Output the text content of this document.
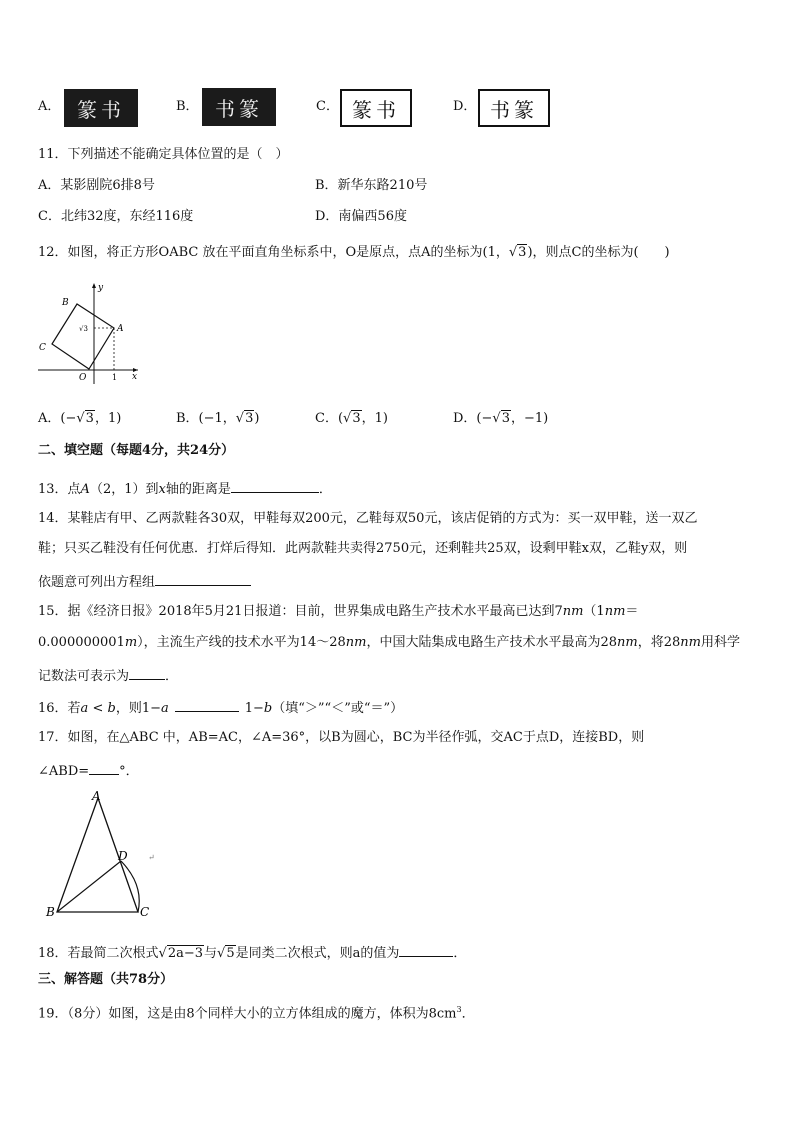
A． 篆书	B． 书篆	C． 篆书	D． 书篆
11．下列描述不能确定具体位置的是（　）
A．某影剧院6排8号	B．新华东路210号
C．北纬32度，东经116度	D．南偏西56度
12．如图，将正方形OABC 放在平面直角坐标系中，O是原点，点A的坐标为(1，√3)，则点C的坐标为(　　)
y
x
A
B
C
O	1
√3
A．(−√3，1)	B．(−1，√3)	C．(√3，1)	D．(−√3，−1)
二、填空题（每题4分，共24分）
13．点A（2，1）到x轴的距离是	．
14．某鞋店有甲、乙两款鞋各30双，甲鞋每双200元，乙鞋每双50元，该店促销的方式为：买一双甲鞋，送一双乙
鞋；只买乙鞋没有任何优惠．打烊后得知．此两款鞋共卖得2750元，还剩鞋共25双，设剩甲鞋x双，乙鞋y双，则
依题意可列出方程组
15．据《经济日报》2018年5月21日报道：目前，世界集成电路生产技术水平最高已达到7nm（1nm＝
0.000000001m），主流生产线的技术水平为14～28nm，中国大陆集成电路生产技术水平最高为28nm，将28nm用科学
记数法可表示为	．
16．若a < b，则1−a	1−b（填“＞”“＜”或“＝”）
17．如图，在△ABC 中，AB=AC，∠A=36°，以B为圆心，BC为半径作弧，交AC于点D，连接BD，则
∠ABD= °．
A
B	C
D	↵
18．若最简二次根式√2a−3与√5是同类二次根式，则a的值为	．
三、解答题（共78分）
19．（8分）如图，这是由8个同样大小的立方体组成的魔方，体积为$8cm^3$．
